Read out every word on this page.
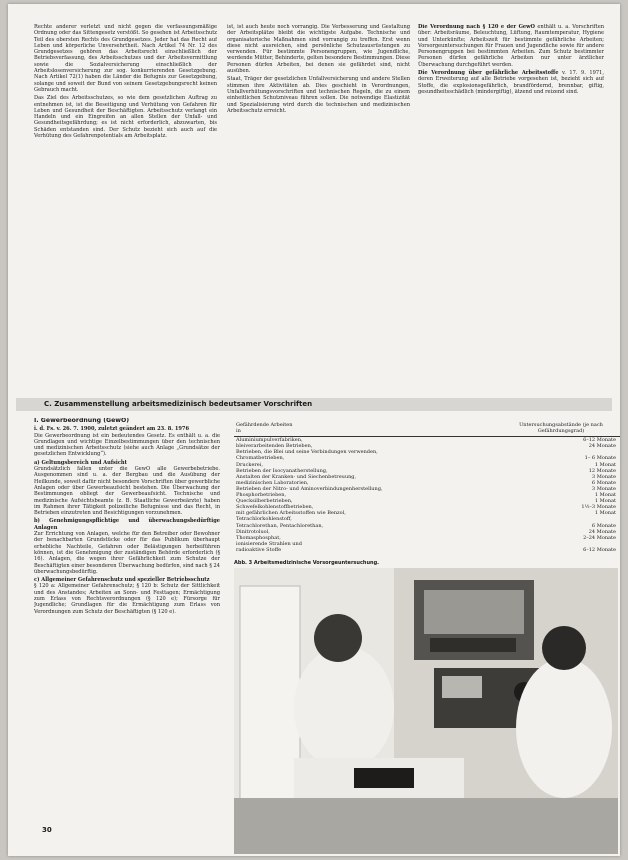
Rechte anderer verletzt und nicht gegen die verfassungsmäßige Ordnung oder das Sittengesetz verstößt. So gesehen ist Arbeitsschutz Teil des obersten Rechts des Grundgesetzes. Jeder hat das Recht auf Leben und körperliche Unversehrtheit. Nach Artikel 74 Nr. 12 des Grundgesetzes gehören das Arbeitsrecht einschließlich der Betriebsverfassung, des Arbeitsschutzes und der Arbeitsvermittlung sowie die Sozialversicherung einschließlich der Arbeitslosenversicherung zur sog. konkurrierenden Gesetzgebung. Nach Artikel 72(1) haben die Länder die Befugnis zur Gesetzgebung, solange und soweit der Bund von seinem Gesetzgebungsrecht keinen Gebrauch macht.

Das Ziel des Arbeitsschutzes, so wie dem gesetzlichen Auftrag zu entnehmen ist, ist die Beseitigung und Verhütung von Gefahren für Leben und Gesundheit der Beschäftigten. Arbeitsschutz verlangt ein Handeln und ein Eingreifen an allen Stellen der Unfall- und Gesundheitsgefährdung; es ist nicht erforderlich, abzuwarten, bis Schäden entstanden sind. Der Schutz bezieht sich auch auf die Verhütung des Gefahrenpotentials am Arbeitsplatz.

ist, ist auch heute noch vorrangig. Die Verbesserung und Gestaltung der Arbeitsplätze bleibt die wichtigste Aufgabe. Technische und organisatorische Maßnahmen sind vorrangig zu treffen. Erst wenn diese nicht ausreichen, sind persönliche Schutzausrüstungen zu verwenden. Für bestimmte Personengruppen, wie Jugendliche, werdende Mütter, Behinderte, gelten besondere Bestimmungen. Diese Personen dürfen Arbeiten, bei denen sie gefährdet sind, nicht ausüben.

Staat, Träger der gesetzlichen Unfallversicherung und andere Stellen stimmen ihre Aktivitäten ab. Dies geschieht in Verordnungen, Unfallverhütungsvorschriften und technischen Regeln, die zu einem einheitlichen Schutzniveau führen sollen. Die notwendige Elastizität und Spezialisierung wird durch die technischen und medizinischen Arbeitsschutz erreicht.

Die Verordnung nach § 120 e der GewO enthält u. a. Vorschriften über: Arbeitsräume, Beleuchtung, Lüftung, Raumtemperatur, Hygiene und Unterkünfte; Arbeitszeit für bestimmte gefährliche Arbeiten; Vorsorgeuntersuchungen für Frauen und Jugendliche sowie für andere Personengruppen bei bestimmten Arbeiten. Zum Schutz bestimmter Personen dürfen gefährliche Arbeiten nur unter ärztlicher Überwachung durchgeführt werden.

Die Verordnung über gefährliche Arbeitsstoffe v. 17. 9. 1971, deren Erweiterung auf alle Betriebe vorgesehen ist, bezieht sich auf Stoffe, die explosionsgefährlich, brandfördernd, brennbar, giftig, gesundheitsschädlich (mindergiftig), ätzend und reizend sind.

C. Zusammenstellung arbeitsmedizinisch bedeutsamer Vorschriften

I. Gewerbeordnung (GewO)

i. d. Fs. v. 26. 7. 1900, zuletzt geändert am 23. 8. 1976
Die Gewerbeordnung ist ein bedeutendes Gesetz. Es enthält u. a. die Grundlagen und wichtige Einzelbestimmungen über den technischen und medizinischen Arbeitsschutz (siehe auch Anlage „Grundsätze der gesetzlichen Entwicklung“).

a) Geltungsbereich und Aufsicht
Grundsätzlich fallen unter die GewO alle Gewerbebetriebe. Ausgenommen sind u. a. der Bergbau und die Ausübung der Heilkunde, soweit dafür nicht besondere Vorschriften über gewerbliche Anlagen oder über Gewerbeaufsicht bestehen. Die Überwachung der Bestimmungen obliegt der Gewerbeaufsicht. Technische und medizinische Aufsichtsbeamte (z. B. Staatliche Gewerbeärzte) haben im Rahmen ihrer Tätigkeit polizeiliche Befugnisse und das Recht, in Betrieben einzutreten und Besichtigungen vorzunehmen.

b) Genehmigungspflichtige und überwachungsbedürftige Anlagen
Zur Errichtung von Anlagen, welche für den Betreiber oder Bewohner der benachbarten Grundstücke oder für das Publikum überhaupt erhebliche Nachteile, Gefahren oder Belästigungen herbeiführen können, ist die Genehmigung der zuständigen Behörde erforderlich (§ 16). Anlagen, die wegen ihrer Gefährlichkeit zum Schutze der Beschäftigten einer besonderen Überwachung bedürfen, sind nach § 24 überwachungsbedürftig.

c) Allgemeiner Gefahrenschutz und spezieller Betriebsschutz
§ 120 a: Allgemeiner Gefahrenschutz; § 120 b: Schutz der Sittlichkeit und des Anstandes; Arbeiten an Sonn- und Festtagen; Ermächtigung zum Erlass von Rechtsverordnungen (§ 120 e); Fürsorge für Jugendliche; Grundlagen für die Ermächtigung zum Erlass von Verordnungen zum Schutz der Beschäftigten (§ 120 e).

Gefährdende Arbeiten
in	Untersuchungsabstände (je nach Gefährdungsgrad)
Aluminiumpulverfabriken,	6–12 Monate
bleiverarbeitenden Betrieben,	24 Monate
Betrieben, die Blei und seine Verbindungen verwenden,	
Chromatbetrieben,	1– 6 Monate
Druckerei,	1 Monat
Betrieben der Isocyanatherstellung,	12 Monate
Anstalten der Kranken- und Siechenbetreuung,	3 Monate
medizinischen Laboratorien,	6 Monate
Betrieben der Nitro- und Aminoverbindungenherstellung,	3 Monate
Phosphorbetrieben,	1 Monat
Quecksilberbetrieben,	1 Monat
Schwefelkohlenstoffbetrieben,	1½–3 Monate
mit gefährlichen Arbeitsstoffen wie Benzol,	1 Monat
Tetrachlorkohlenstoff,	
Tetrachlorethan, Pentachlorethan,	6 Monate
Dinitrotoluol,	24 Monate
Thomasphosphat,	2–24 Monate
ionisierende Strahlen und	
radioaktive Stoffe	6–12 Monate
Abb. 3 Arbeitsmedizinische Vorsorgeuntersuchung.
30
